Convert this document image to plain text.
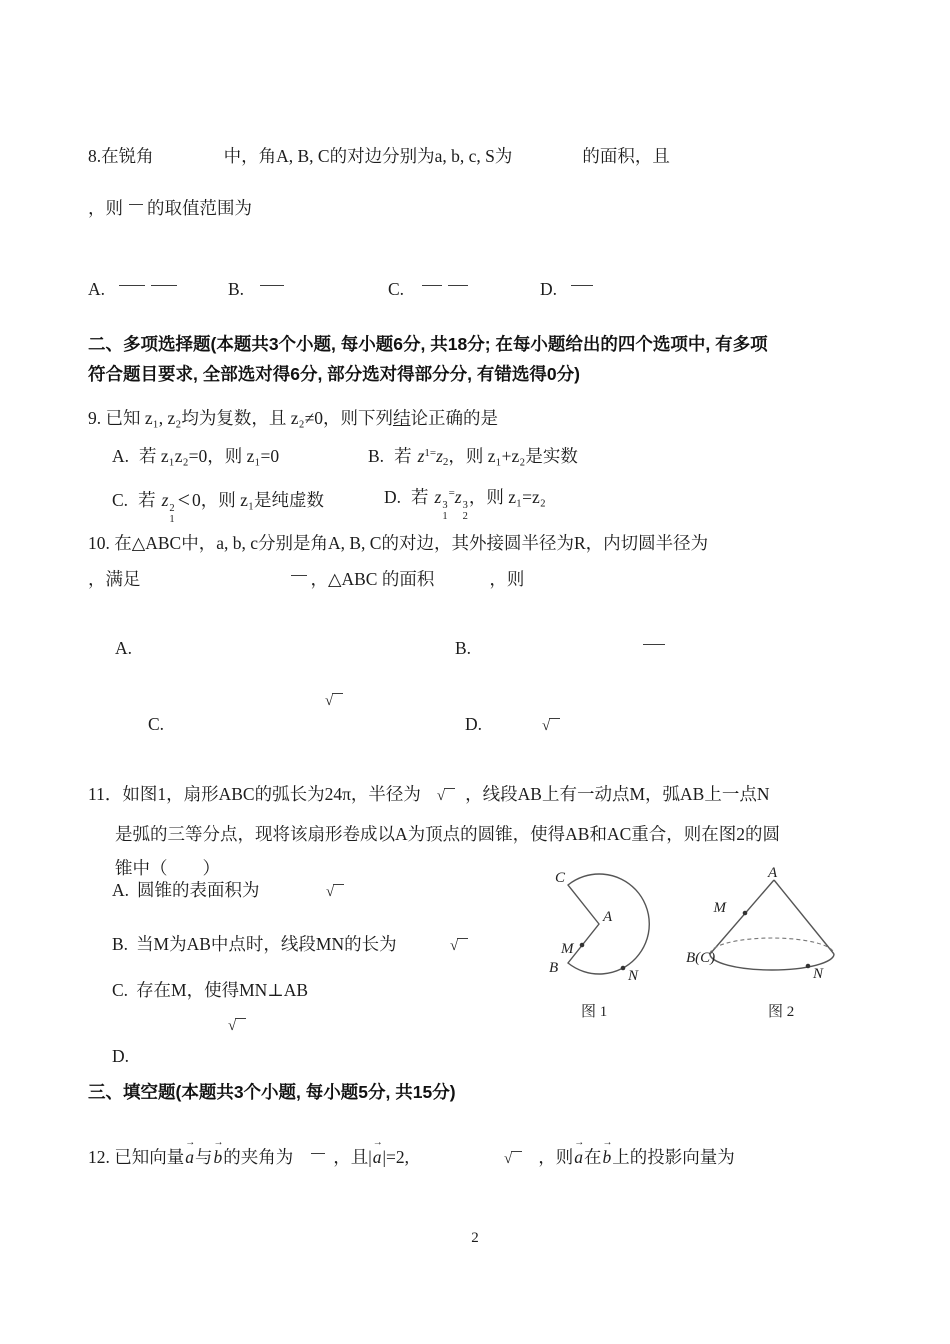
8.在锐角	中，角A, B, C的对边分别为a, b, c, S为	的面积，且
，则 的取值范围为
A.	B.	C.	D.
二、多项选择题(本题共3个小题, 每小题6分, 共18分; 在每小题给出的四个选项中, 有多项
符合题目要求, 全部选对得6分, 部分选对得部分分, 有错选得0分)
9. 已知 z₁, z₂均为复数，且 z₂≠0，则下列结论正确的是
A. 若 z₁z₂=0，则 z₁=0	B. 若 $z^{1=}z_2$，则 z₁+z₂是实数
C. 若 z 2
1
< 0，则 z₁是纯虚数	D. 若 z 3
1
=z 3
2
，则 z₁=z₂
10. 在△ABC中，a, b, c分别是角A, B, C的对边，其外接圆半径为R，内切圆半径为
，满足	，△ABC 的面积	，则
A.	B.
√
C.	D.	√
11．如图1，扇形ABC的弧长为24π，半径为 √ ，线段AB上有一动点M，弧AB上一点N
是弧的三等分点，现将该扇形卷成以A为顶点的圆锥，使得AB和AC重合，则在图2的圆
锥中（　　）
A. 圆锥的表面积为	√
B. 当M为AB中点时，线段MN的长为	√
C. 存在M，使得MN⊥AB
√
D.
C
A
M
B	N
图 1
A
M
B(C)
N
图 2
三、填空题(本题共3个小题, 每小题5分, 共15分)
12. 已知向量→ a与→ b的夹角为 ，且|→ a|=2,	√ ，则→ a在→ b上的投影向量为
2
